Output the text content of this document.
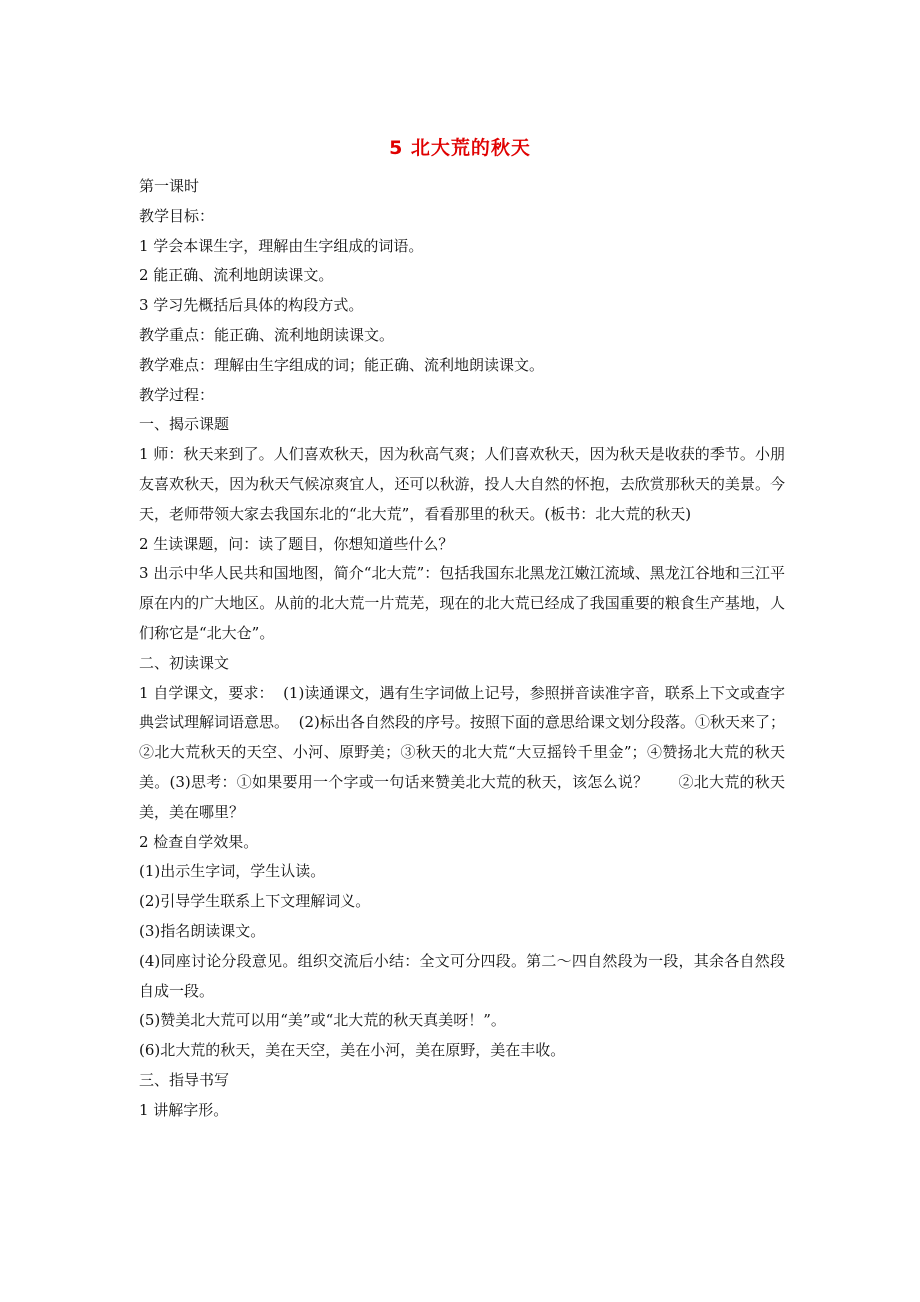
5 北大荒的秋天

第一课时

教学目标：

1 学会本课生字，理解由生字组成的词语。

2 能正确、流利地朗读课文。

3 学习先概括后具体的构段方式。

教学重点：能正确、流利地朗读课文。

教学难点：理解由生字组成的词；能正确、流利地朗读课文。

教学过程：

一、揭示课题

1 师：秋天来到了。人们喜欢秋天，因为秋高气爽；人们喜欢秋天，因为秋天是收获的季节。小朋友喜欢秋天，因为秋天气候凉爽宜人，还可以秋游，投人大自然的怀抱，去欣赏那秋天的美景。今天，老师带领大家去我国东北的“北大荒”，看看那里的秋天。(板书：北大荒的秋天)

2 生读课题，问：读了题目，你想知道些什么？

3 出示中华人民共和国地图，简介“北大荒”：包括我国东北黑龙江嫩江流域、黑龙江谷地和三江平原在内的广大地区。从前的北大荒一片荒芜，现在的北大荒已经成了我国重要的粮食生产基地，人们称它是“北大仓”。

二、初读课文

1 自学课文，要求：  (1)读通课文，遇有生字词做上记号，参照拼音读准字音，联系上下文或查字典尝试理解词语意思。  (2)标出各自然段的序号。按照下面的意思给课文划分段落。①秋天来了；②北大荒秋天的天空、小河、原野美；③秋天的北大荒“大豆摇铃千里金”；④赞扬北大荒的秋天美。(3)思考：①如果要用一个字或一句话来赞美北大荒的秋天，该怎么说？      ②北大荒的秋天美，美在哪里？

2 检查自学效果。

(1)出示生字词，学生认读。

(2)引导学生联系上下文理解词义。

(3)指名朗读课文。

(4)同座讨论分段意见。组织交流后小结：全文可分四段。第二～四自然段为一段，其余各自然段自成一段。

(5)赞美北大荒可以用“美”或“北大荒的秋天真美呀！”。

(6)北大荒的秋天，美在天空，美在小河，美在原野，美在丰收。

三、指导书写

1 讲解字形。
